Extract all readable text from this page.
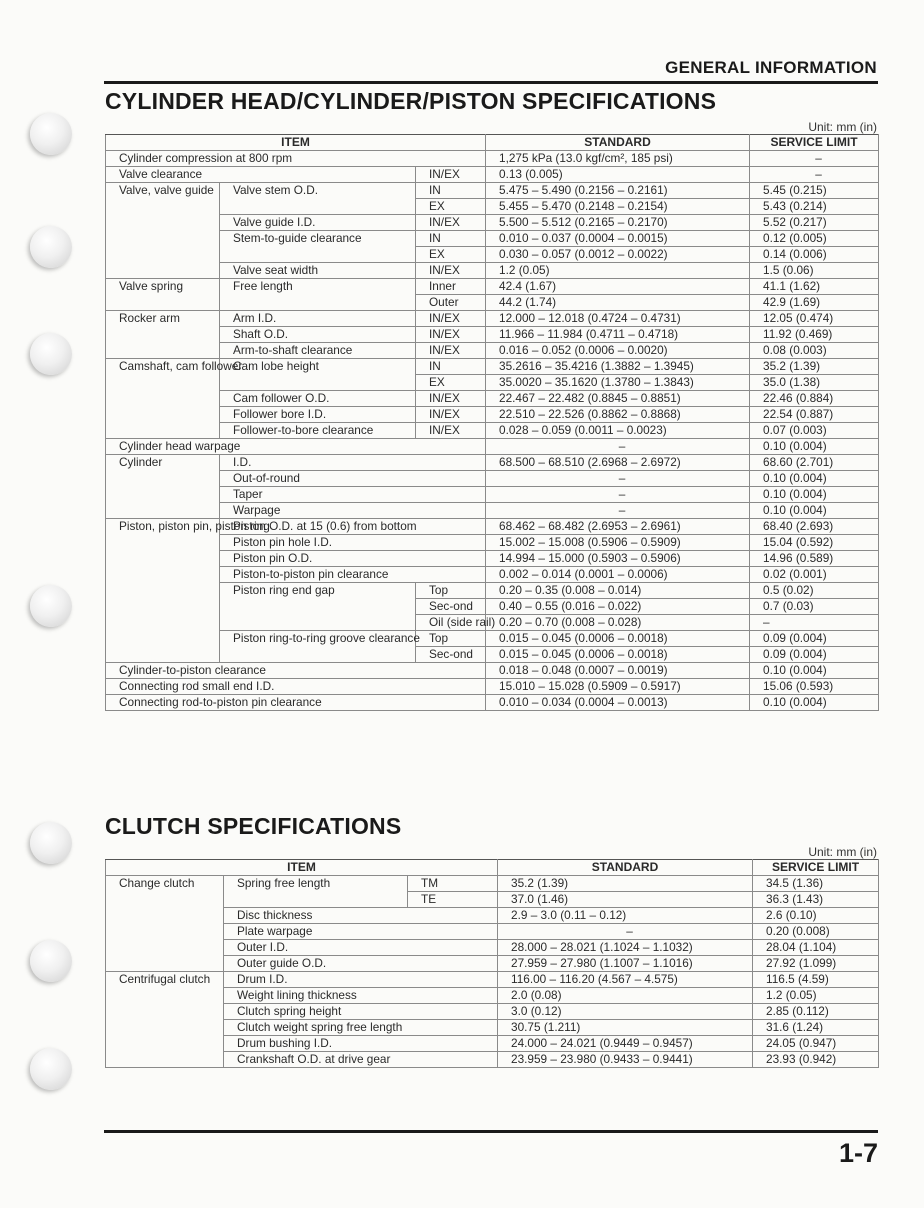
GENERAL INFORMATION
CYLINDER HEAD/CYLINDER/PISTON SPECIFICATIONS
Unit: mm (in)
ITEM			STANDARD	SERVICE LIMIT
Cylinder compression at 800 rpm			1,275 kPa (13.0 kgf/cm², 185 psi)	–
Valve clearance		IN/EX	0.13 (0.005)	–
Valve, valve guide	Valve stem O.D.	IN	5.475 – 5.490 (0.2156 – 0.2161)	5.45 (0.215)
		EX	5.455 – 5.470 (0.2148 – 0.2154)	5.43 (0.214)
	Valve guide I.D.	IN/EX	5.500 – 5.512 (0.2165 – 0.2170)	5.52 (0.217)
	Stem-to-guide clearance	IN	0.010 – 0.037 (0.0004 – 0.0015)	0.12 (0.005)
		EX	0.030 – 0.057 (0.0012 – 0.0022)	0.14 (0.006)
	Valve seat width	IN/EX	1.2 (0.05)	1.5 (0.06)
Valve spring	Free length	Inner	42.4 (1.67)	41.1 (1.62)
		Outer	44.2 (1.74)	42.9 (1.69)
Rocker arm	Arm I.D.	IN/EX	12.000 – 12.018 (0.4724 – 0.4731)	12.05 (0.474)
	Shaft O.D.	IN/EX	11.966 – 11.984 (0.4711 – 0.4718)	11.92 (0.469)
	Arm-to-shaft clearance	IN/EX	0.016 – 0.052 (0.0006 – 0.0020)	0.08 (0.003)
Camshaft, cam follower	Cam lobe height	IN	35.2616 – 35.4216 (1.3882 – 1.3945)	35.2 (1.39)
		EX	35.0020 – 35.1620 (1.3780 – 1.3843)	35.0 (1.38)
	Cam follower O.D.	IN/EX	22.467 – 22.482 (0.8845 – 0.8851)	22.46 (0.884)
	Follower bore I.D.	IN/EX	22.510 – 22.526 (0.8862 – 0.8868)	22.54 (0.887)
	Follower-to-bore clearance	IN/EX	0.028 – 0.059 (0.0011 – 0.0023)	0.07 (0.003)
Cylinder head warpage			–	0.10 (0.004)
Cylinder	I.D.		68.500 – 68.510 (2.6968 – 2.6972)	68.60 (2.701)
	Out-of-round		–	0.10 (0.004)
	Taper		–	0.10 (0.004)
	Warpage		–	0.10 (0.004)
Piston, piston pin, piston ring	Piston O.D. at 15 (0.6) from bottom		68.462 – 68.482 (2.6953 – 2.6961)	68.40 (2.693)
	Piston pin hole I.D.		15.002 – 15.008 (0.5906 – 0.5909)	15.04 (0.592)
	Piston pin O.D.		14.994 – 15.000 (0.5903 – 0.5906)	14.96 (0.589)
	Piston-to-piston pin clearance		0.002 – 0.014 (0.0001 – 0.0006)	0.02 (0.001)
	Piston ring end gap	Top	0.20 – 0.35 (0.008 – 0.014)	0.5 (0.02)
		Sec-ond	0.40 – 0.55 (0.016 – 0.022)	0.7 (0.03)
		Oil (side rail)	0.20 – 0.70 (0.008 – 0.028)	–
	Piston ring-to-ring groove clearance	Top	0.015 – 0.045 (0.0006 – 0.0018)	0.09 (0.004)
		Sec-ond	0.015 – 0.045 (0.0006 – 0.0018)	0.09 (0.004)
Cylinder-to-piston clearance			0.018 – 0.048 (0.0007 – 0.0019)	0.10 (0.004)
Connecting rod small end I.D.			15.010 – 15.028 (0.5909 – 0.5917)	15.06 (0.593)
Connecting rod-to-piston pin clearance			0.010 – 0.034 (0.0004 – 0.0013)	0.10 (0.004)
CLUTCH SPECIFICATIONS
Unit: mm (in)
ITEM			STANDARD	SERVICE LIMIT
Change clutch	Spring free length	TM	35.2 (1.39)	34.5 (1.36)
		TE	37.0 (1.46)	36.3 (1.43)
	Disc thickness		2.9 – 3.0 (0.11 – 0.12)	2.6 (0.10)
	Plate warpage		–	0.20 (0.008)
	Outer I.D.		28.000 – 28.021 (1.1024 – 1.1032)	28.04 (1.104)
	Outer guide O.D.		27.959 – 27.980 (1.1007 – 1.1016)	27.92 (1.099)
Centrifugal clutch	Drum I.D.		116.00 – 116.20 (4.567 – 4.575)	116.5 (4.59)
	Weight lining thickness		2.0 (0.08)	1.2 (0.05)
	Clutch spring height		3.0 (0.12)	2.85 (0.112)
	Clutch weight spring free length		30.75 (1.211)	31.6 (1.24)
	Drum bushing I.D.		24.000 – 24.021 (0.9449 – 0.9457)	24.05 (0.947)
	Crankshaft O.D. at drive gear		23.959 – 23.980 (0.9433 – 0.9441)	23.93 (0.942)
1-7
